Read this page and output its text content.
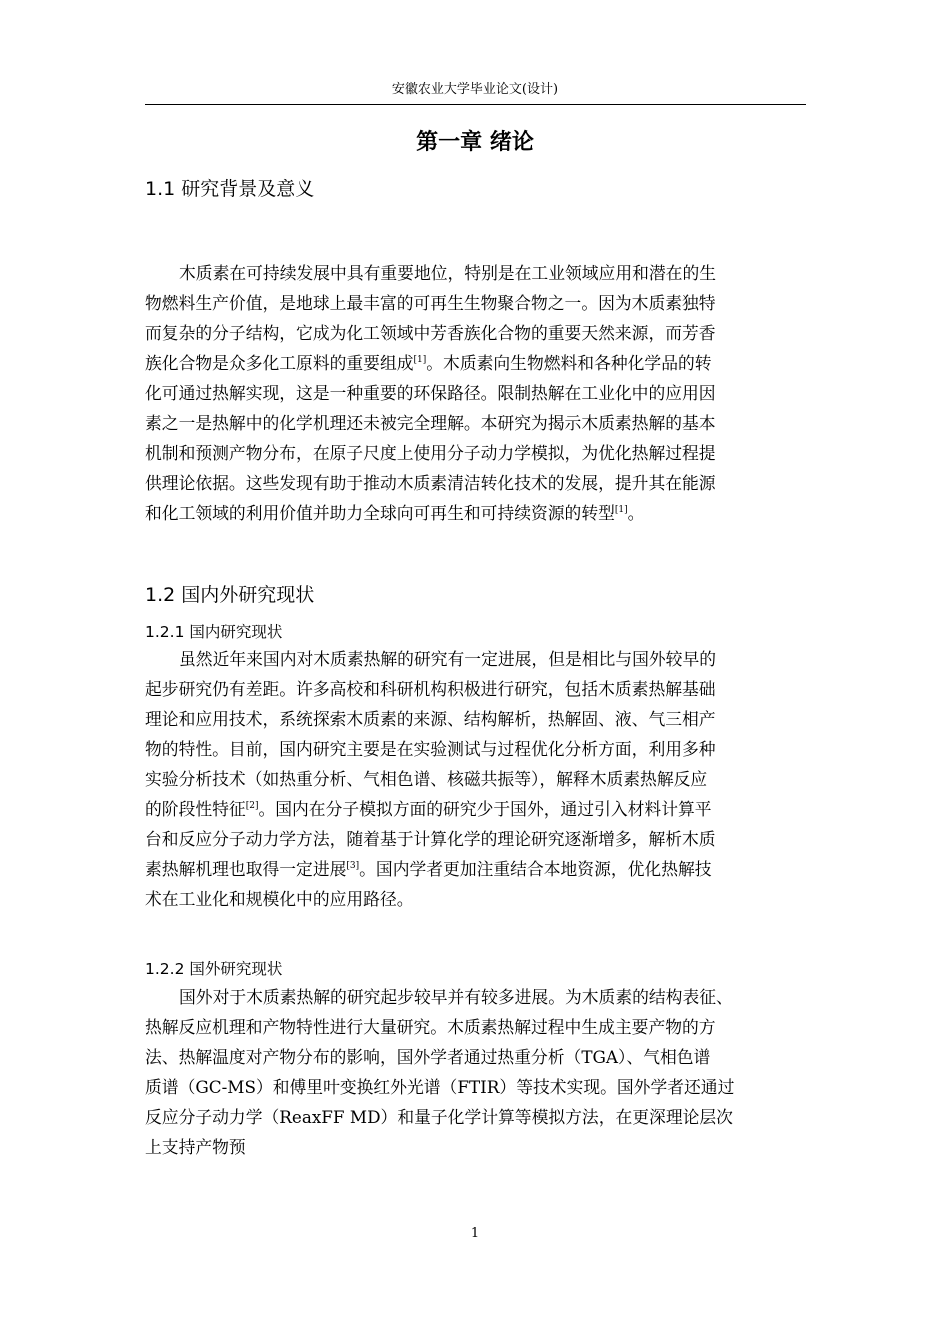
安徽农业大学毕业论文(设计)
第一章 绪论
1.1 研究背景及意义
木质素在可持续发展中具有重要地位，特别是在工业领域应用和潜在的生
物燃料生产价值，是地球上最丰富的可再生生物聚合物之一。因为木质素独特
而复杂的分子结构，它成为化工领域中芳香族化合物的重要天然来源，而芳香
族化合物是众多化工原料的重要组成[1]。木质素向生物燃料和各种化学品的转
化可通过热解实现，这是一种重要的环保路径。限制热解在工业化中的应用因
素之一是热解中的化学机理还未被完全理解。本研究为揭示木质素热解的基本
机制和预测产物分布，在原子尺度上使用分子动力学模拟，为优化热解过程提
供理论依据。这些发现有助于推动木质素清洁转化技术的发展，提升其在能源
和化工领域的利用价值并助力全球向可再生和可持续资源的转型[1]。
1.2 国内外研究现状
1.2.1 国内研究现状
虽然近年来国内对木质素热解的研究有一定进展，但是相比与国外较早的
起步研究仍有差距。许多高校和科研机构积极进行研究，包括木质素热解基础
理论和应用技术，系统探索木质素的来源、结构解析，热解固、液、气三相产
物的特性。目前，国内研究主要是在实验测试与过程优化分析方面，利用多种
实验分析技术（如热重分析、气相色谱、核磁共振等），解释木质素热解反应
的阶段性特征[2]。国内在分子模拟方面的研究少于国外，通过引入材料计算平
台和反应分子动力学方法，随着基于计算化学的理论研究逐渐增多，解析木质
素热解机理也取得一定进展[3]。国内学者更加注重结合本地资源，优化热解技
术在工业化和规模化中的应用路径。
1.2.2 国外研究现状
国外对于木质素热解的研究起步较早并有较多进展。为木质素的结构表征、
热解反应机理和产物特性进行大量研究。木质素热解过程中生成主要产物的方
法、热解温度对产物分布的影响，国外学者通过热重分析（TGA）、气相色谱
质谱（GC-MS）和傅里叶变换红外光谱（FTIR）等技术实现。国外学者还通过
反应分子动力学（ReaxFF MD）和量子化学计算等模拟方法，在更深理论层次
上支持产物预
1
